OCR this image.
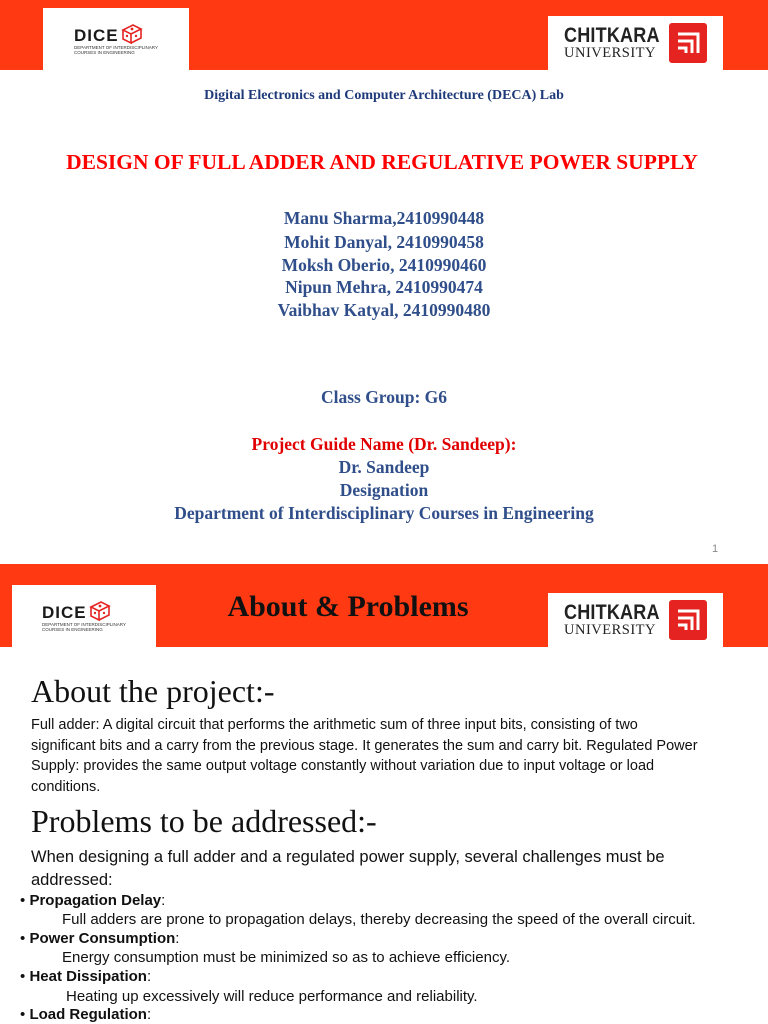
DICE
DEPARTMENT OF INTERDISCIPLINARY
COURSES IN ENGINEERING
CHITKARA
UNIVERSITY
Digital Electronics and Computer Architecture (DECA) Lab
DESIGN OF FULL ADDER AND REGULATIVE POWER SUPPLY
Manu Sharma,2410990448
Mohit Danyal, 2410990458
Moksh Oberio, 2410990460
Nipun Mehra, 2410990474
Vaibhav Katyal, 2410990480
Class Group: G6
Project Guide Name (Dr. Sandeep):
Dr. Sandeep
Designation
Department of Interdisciplinary Courses in Engineering
1
DICE
DEPARTMENT OF INTERDISCIPLINARY
COURSES IN ENGINEERING
About & Problems	CHITKARA
UNIVERSITY
About the project:-
Full adder: A digital circuit that performs the arithmetic sum of three input bits, consisting of two
significant bits and a carry from the previous stage. It generates the sum and carry bit. Regulated Power
Supply: provides the same output voltage constantly without variation due to input voltage or load
conditions.
Problems to be addressed:-
When designing a full adder and a regulated power supply, several challenges must be
addressed:
• Propagation Delay:
Full adders are prone to propagation delays, thereby decreasing the speed of the overall circuit.
• Power Consumption:
Energy consumption must be minimized so as to achieve efficiency.
• Heat Dissipation:
Heating up excessively will reduce performance and reliability.
• Load Regulation:
